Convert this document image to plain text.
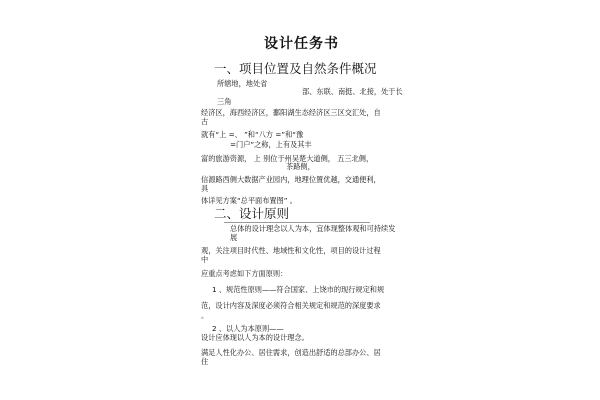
设计任务书
一、项目位置及自然条件概况
所辖地，地处省
部、东联、南挺、北接，处于长
三角
经济区，海西经济区，鄱阳湖生态经济区三区交汇处，自
古
就有“上 =、 ”和“八方 =”和“豫
=门户”之称，上有及其丰
富的旅游资源， 上 别位于州吴楚大道侧， 五三北侧，
茶路侧，
信源路西侧大数据产业园内，地理位置优越，交通便利，
具
体详见方案“总平面布置图” 。
二、设计原则
总体的设计理念以人为本，宜体现整体观和可持续发
展
观，关注项目时代性、地域性和文化性，项目的设计过程
中
应重点考虑如下方面原则：
1 、规范性原则——符合国家、上饶市的现行规定和规
范，设计内容及深度必须符合相关规定和规范的深度要求
。
2 、以人为本原则——
设计应体现以人为本的设计理念。
满足人性化办公、居住需求，创造出舒适的总部办公、居
住
